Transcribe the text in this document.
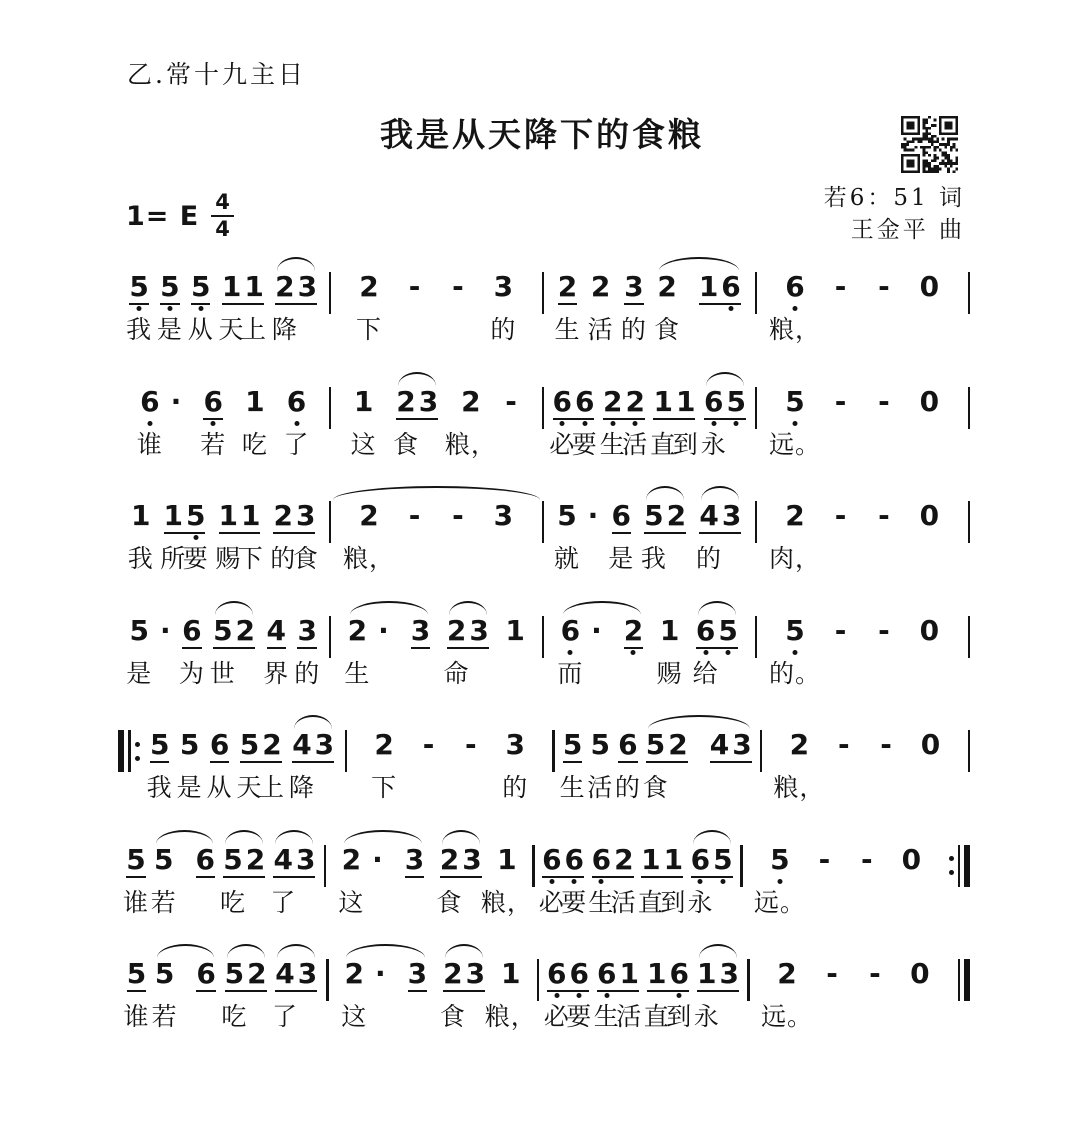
乙.常十九主日
我是从天降下的食粮
1= E $\frac{4}{4}$	若6：51 词
王金平 曲
5
我
5
是
5
从
1
天
1
上
2
降
3 2
下
- - 3
的
2
生
2
活
3
的
2
食
1 6 6
粮，
- - 0
6
谁
· 6
若
1
吃
6
了
1
这
2
食
3 2
粮，
- 6
必
6
要
2
生
2
活
1
直
1
到
6
永
5 5
远。
- - 0
1
我
1
所
5
要
1
赐
1
下
2
的
3
食
2
粮，
- - 3 5
就
· 6
是
5
我
2 4
的
3 2
肉，
- - 0
5
是
· 6
为
5
世
2 4
界
3
的
2
生
· 3 2
命
3 1 6
而
· 2 1
赐
6
给
5 5
的。
- - 0
5
我
5
是
6
从
5
天
2
上
4
降
3 2
下
- - 3
的
5
生
5
活
6
的
5
食
2 4 3 2
粮，
- - 0
5
谁
5
若
6 5
吃
2 4
了
3 2
这
· 3 2
食
3 1
粮，
6
必
6
要
6
生
2
活
1
直
1
到
6
永
5 5
远。
- - 0
5
谁
5
若
6 5
吃
2 4
了
3 2
这
· 3 2
食
3 1
粮，
6
必
6
要
6
生
1
活
1
直
6
到
1
永
3 2
远。
- - 0
